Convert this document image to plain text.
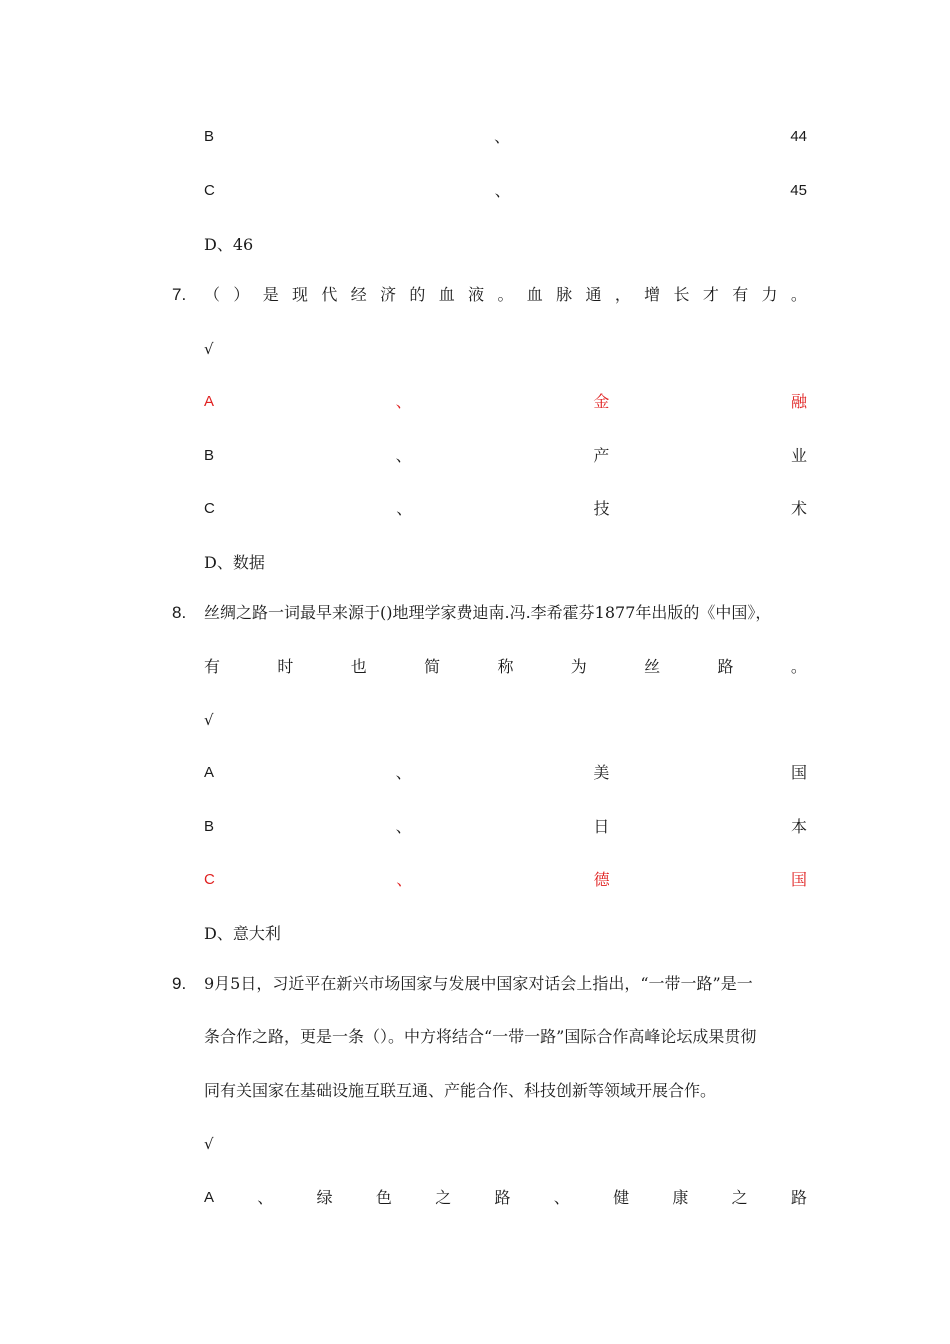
B	、	44
C	、	45
D、46
7. （ ） 是 现 代 经 济 的 血 液 。 血 脉 通 ， 增 长 才 有 力 。
√
A	、	金	融
B	、	产	业
C	、	技	术
D、数据
8. 丝绸之路一词最早来源于()地理学家费迪南.冯.李希霍芬1877年出版的《中国》，
有	时	也	简	称	为	丝	路	。
√
A	、	美	国
B	、	日	本
C	、	德	国
D、意大利
9. 9月5日，习近平在新兴市场国家与发展中国家对话会上指出，“一带一路”是一
条合作之路，更是一条（）。中方将结合“一带一路”国际合作高峰论坛成果贯彻
同有关国家在基础设施互联互通、产能合作、科技创新等领域开展合作。
√
A	、	绿	色	之	路	、	健	康	之	路
